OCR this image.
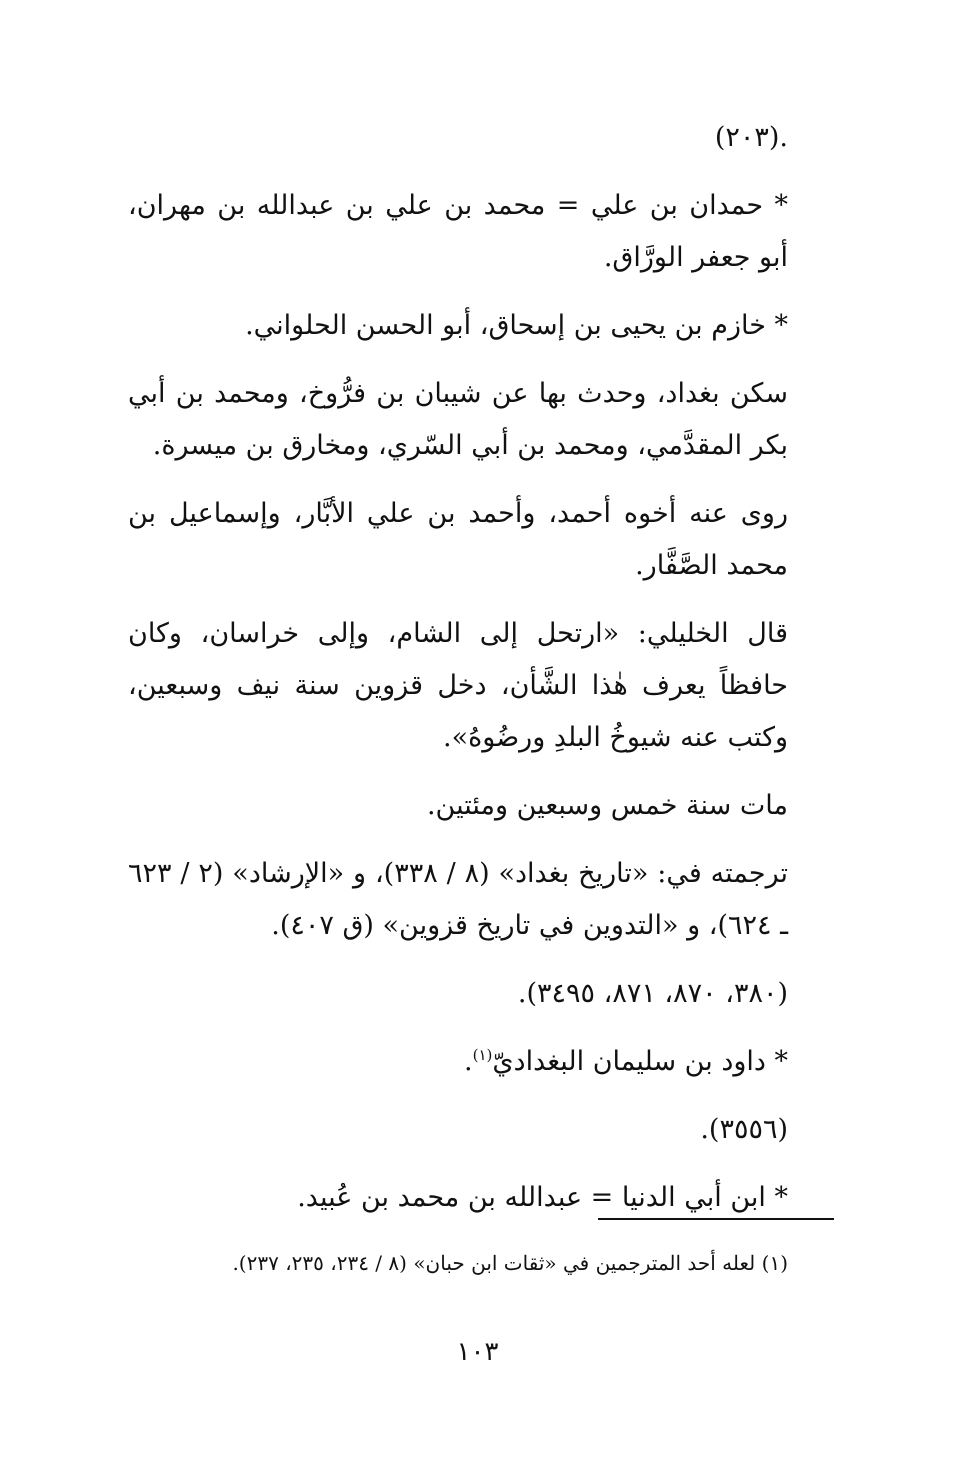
.(٢٠٣)

* حمدان بن علي = محمد بن علي بن عبدالله بن مهران، أبو جعفر الورَّاق.

* خازم بن يحيى بن إسحاق، أبو الحسن الحلواني.

سكن بغداد، وحدث بها عن شيبان بن فرُّوخ، ومحمد بن أبي بكر المقدَّمي، ومحمد بن أبي السّري، ومخارق بن ميسرة.

روى عنه أخوه أحمد، وأحمد بن علي الأبَّار، وإسماعيل بن محمد الصَّفَّار.

قال الخليلي: «ارتحل إلى الشام، وإلى خراسان، وكان حافظاً يعرف هٰذا الشَّأن، دخل قزوين سنة نيف وسبعين، وكتب عنه شيوخُ البلدِ ورضُوهُ».

مات سنة خمس وسبعين ومئتين.

ترجمته في: «تاريخ بغداد» (٨ / ٣٣٨)، و «الإرشاد» (٢ / ٦٢٣ ـ ٦٢٤)، و «التدوين في تاريخ قزوين» (ق ٤٠٧).

(٣٨٠، ٨٧٠، ٨٧١، ٣٤٩٥).

* داود بن سليمان البغداديّ$^{(١)}$.

(٣٥٥٦).

* ابن أبي الدنيا = عبدالله بن محمد بن عُبيد.

(١) لعله أحد المترجمين في «ثقات ابن حبان» (٨ / ٢٣٤، ٢٣٥، ٢٣٧).
١٠٣
